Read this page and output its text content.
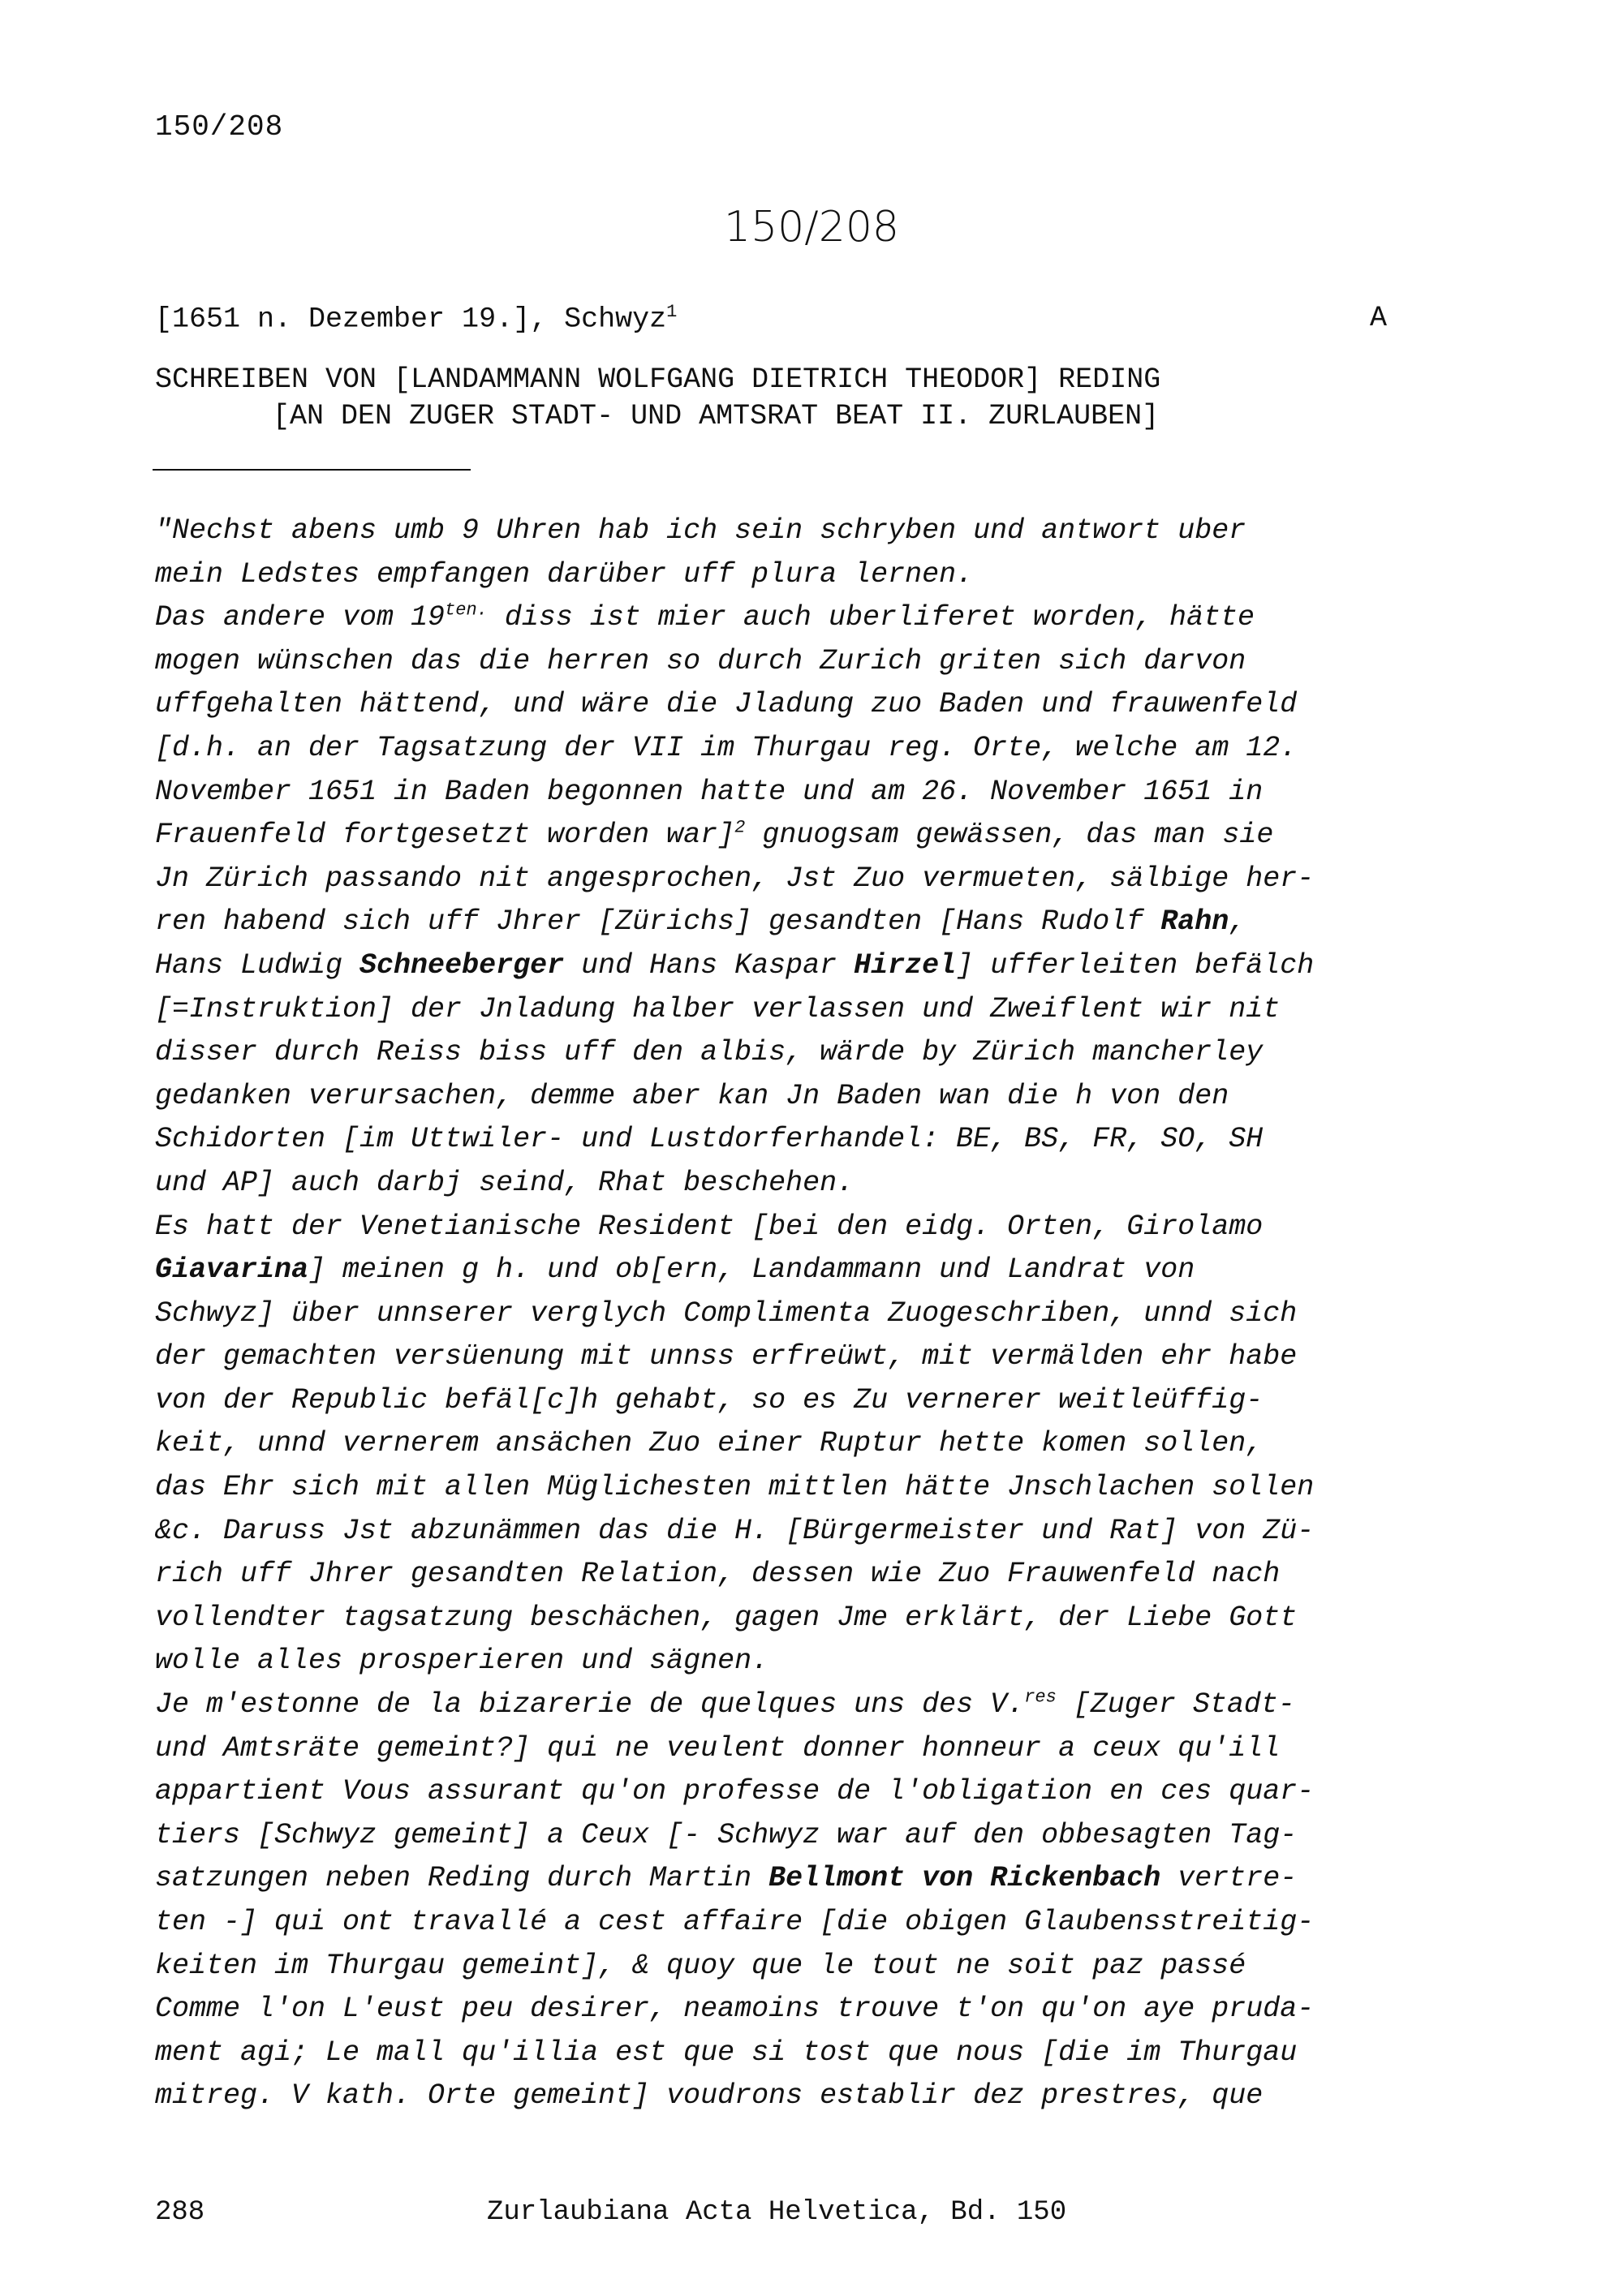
150/208
150/208
[1651 n. Dezember 19.], Schwyz$^1$	A
SCHREIBEN VON [LANDAMMANN WOLFGANG DIETRICH THEODOR] REDING
[AN DEN ZUGER STADT- UND AMTSRAT BEAT II. ZURLAUBEN]
"Nechst abens umb 9 Uhren hab ich sein schryben und antwort uber
mein Ledstes empfangen darüber uff plura lernen.
Das andere vom $19^{ten.}$ diss ist mier auch uberliferet worden, hätte
mogen wünschen das die herren so durch Zurich griten sich darvon
uffgehalten hättend, und wäre die Jladung zuo Baden und frauwenfeld
[d.h. an der Tagsatzung der VII im Thurgau reg. Orte, welche am 12.
November 1651 in Baden begonnen hatte und am 26. November 1651 in
Frauenfeld fortgesetzt worden war]$^2$ gnuogsam gewässen, das man sie
Jn Zürich passando nit angesprochen, Jst Zuo vermueten, sälbige her-
ren habend sich uff Jhrer [Zürichs] gesandten [Hans Rudolf Rahn,
Hans Ludwig Schneeberger und Hans Kaspar Hirzel] ufferleiten befälch
[=Instruktion] der Jnladung halber verlassen und Zweiflent wir nit
disser durch Reiss biss uff den albis, wärde by Zürich mancherley
gedanken verursachen, demme aber kan Jn Baden wan die h von den
Schidorten [im Uttwiler- und Lustdorferhandel: BE, BS, FR, SO, SH
und AP] auch darbj seind, Rhat beschehen.
Es hatt der Venetianische Resident [bei den eidg. Orten, Girolamo
Giavarina] meinen g h. und ob[ern, Landammann und Landrat von
Schwyz] über unnserer verglych Complimenta Zuogeschriben, unnd sich
der gemachten versüenung mit unnss erfreüwt, mit vermälden ehr habe
von der Republic befäl[c]h gehabt, so es Zu vernerer weitleüffig-
keit, unnd vernerem ansächen Zuo einer Ruptur hette komen sollen,
das Ehr sich mit allen Müglichesten mittlen hätte Jnschlachen sollen
&c. Daruss Jst abzunämmen das die H. [Bürgermeister und Rat] von Zü-
rich uff Jhrer gesandten Relation, dessen wie Zuo Frauwenfeld nach
vollendter tagsatzung beschächen, gagen Jme erklärt, der Liebe Gott
wolle alles prosperieren und sägnen.
Je m'estonne de la bizarerie de quelques uns des V.$^{res}$ [Zuger Stadt-
und Amtsräte gemeint?] qui ne veulent donner honneur a ceux qu'ill
appartient Vous assurant qu'on professe de l'obligation en ces quar-
tiers [Schwyz gemeint] a Ceux [- Schwyz war auf den obbesagten Tag-
satzungen neben Reding durch Martin Bellmont von Rickenbach vertre-
ten -] qui ont travallé a cest affaire [die obigen Glaubensstreitig-
keiten im Thurgau gemeint], & quoy que le tout ne soit paz passé
Comme l'on L'eust peu desirer, neamoins trouve t'on qu'on aye pruda-
ment agi; Le mall qu'illia est que si tost que nous [die im Thurgau
mitreg. V kath. Orte gemeint] voudrons establir dez prestres, que
288	Zurlaubiana Acta Helvetica, Bd. 150
